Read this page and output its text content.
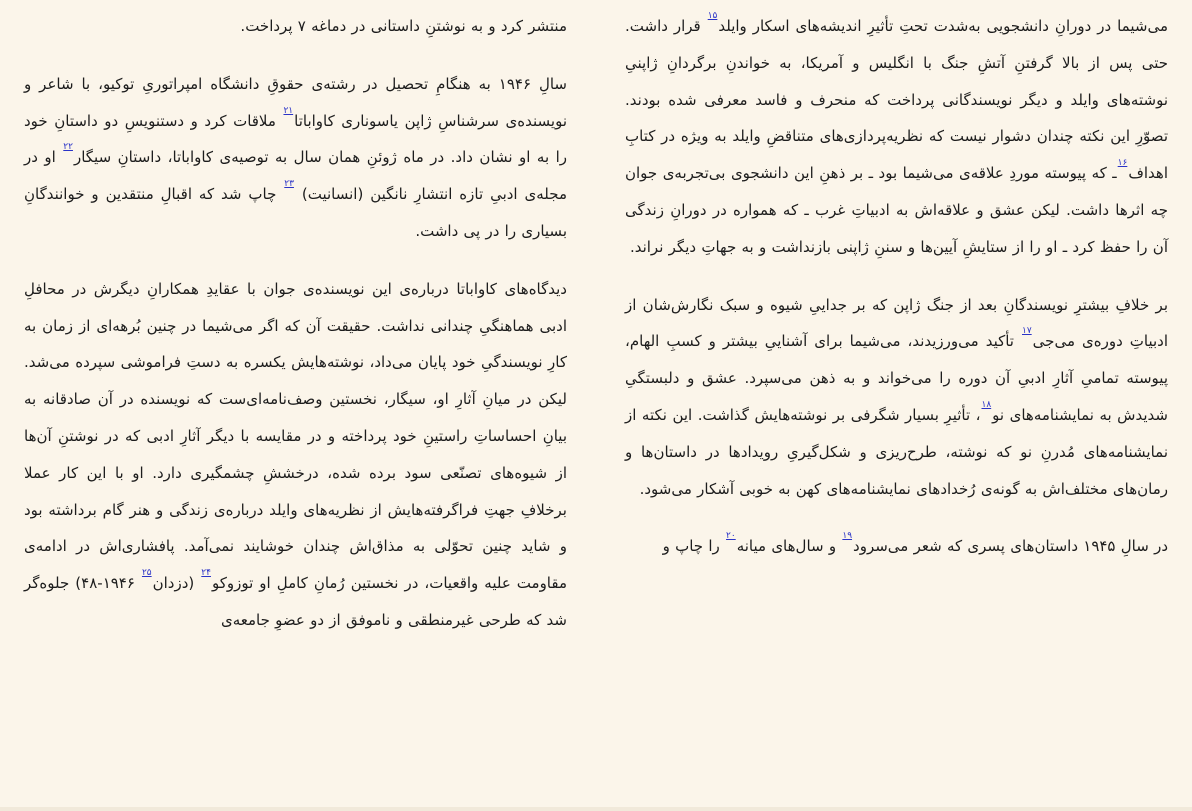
می‌شیما در دورانِ دانشجویی به‌شدت تحتِ تأثیرِ اندیشه‌های اسکار وایلد$^{۱۵}$ قرار داشت. حتی پس از بالا گرفتنِ آتشِ جنگ با انگلیس و آمریکا، به خواندنِ برگردانِ ژاپنیِ نوشته‌های وایلد و دیگر نویسندگانی پرداخت که منحرف و فاسد معرفی شده بودند. تصوّرِ این نکته چندان دشوار نیست که نظریه‌پردازی‌های متناقضِ وایلد به ویژه در کتابِ اهداف$^{۱۶}$ـ که پیوسته موردِ علاقه‌ی می‌شیما بود ـ بر ذهنِ این دانشجوی بی‌تجربه‌ی جوان چه اثرها داشت. لیکن عشق و علاقه‌اش به ادبیاتِ غرب ـ که همواره در دورانِ زندگی آن را حفظ کرد ـ او را از ستایشِ آیین‌ها و سننِ ژاپنی بازنداشت و به جهاتِ دیگر نراند.

بر خلافِ بیشترِ نویسندگانِ بعد از جنگ ژاپن که بر جداییِ شیوه و سبک نگارش‌شان از ادبیاتِ دوره‌ی می‌جی$^{۱۷}$ تأکید می‌ورزیدند، می‌شیما برای آشناییِ بیشتر و کسبِ الهام، پیوسته تمامیِ آثارِ ادبیِ آن دوره را می‌خواند و به ذهن می‌سپرد. عشق و دلبستگیِ شدیدش به نمایشنامه‌های نو$^{۱۸}$، تأثیرِ بسیار شگرفی بر نوشته‌هایش گذاشت. این نکته از نمایشنامه‌های مُدرنِ نو که نوشته، طرح‌ریزی و شکل‌گیریِ رویدادها در داستان‌ها و رمان‌های مختلف‌اش به گونه‌ی رُخدادهای نمایشنامه‌های کهن به خوبی آشکار می‌شود.

در سالِ ۱۹۴۵ داستان‌های پسری که شعر می‌سرود$^{۱۹}$ و سال‌های میانه$^{۲۰}$ را چاپ و

منتشر کرد و به نوشتنِ داستانی در دماغه ۷ پرداخت.

سالِ ۱۹۴۶ به هنگامِ تحصیل در رشته‌ی حقوقِ دانشگاه امپراتوریِ توکیو، با شاعر و نویسنده‌ی سرشناسِ ژاپن یاسوناری کاواباتا$^{۲۱}$ ملاقات کرد و دستنویسِ دو داستانِ خود را به او نشان داد. در ماه ژوئنِ همان سال به توصیه‌ی کاواباتا، داستانِ سیگار$^{۲۲}$ او در مجله‌ی ادبیِ تازه انتشارِ نانگین (انسانیت) $^{۲۳}$ چاپ شد که اقبالِ منتقدین و خوانندگانِ بسیاری را در پی داشت.

دیدگاه‌های کاواباتا درباره‌ی این نویسنده‌ی جوان با عقایدِ همکارانِ دیگرش در محافلِ ادبی هماهنگیِ چندانی نداشت. حقیقت آن که اگر می‌شیما در چنین بُرهه‌ای از زمان به کارِ نویسندگیِ خود پایان می‌داد، نوشته‌هایش یکسره به دستِ فراموشی سپرده می‌شد. لیکن در میانِ آثارِ او، سیگار، نخستین وصف‌نامه‌ای‌ست که نویسنده در آن صادقانه به بیانِ احساساتِ راستینِ خود پرداخته و در مقایسه با دیگر آثارِ ادبی که در نوشتنِ آن‌ها از شیوه‌های تصنّعی سود برده شده، درخششِ چشمگیری دارد. او با این کار عملا برخلافِ جهتِ فراگرفته‌هایش از نظریه‌های وایلد درباره‌ی زندگی و هنر گام برداشته بود و شاید چنین تحوّلی به مذاق‌اش چندان خوشایند نمی‌آمد. پافشاری‌اش در ادامه‌ی مقاومت علیه واقعیات، در نخستین رُمانِ کاملِ او توزوکو$^{۲۴}$ (دزدان$^{۲۵}$ ۱۹۴۶-۴۸) جلوه‌گر شد که طرحی غیرمنطقی و ناموفق از دو عضوِ جامعه‌ی
